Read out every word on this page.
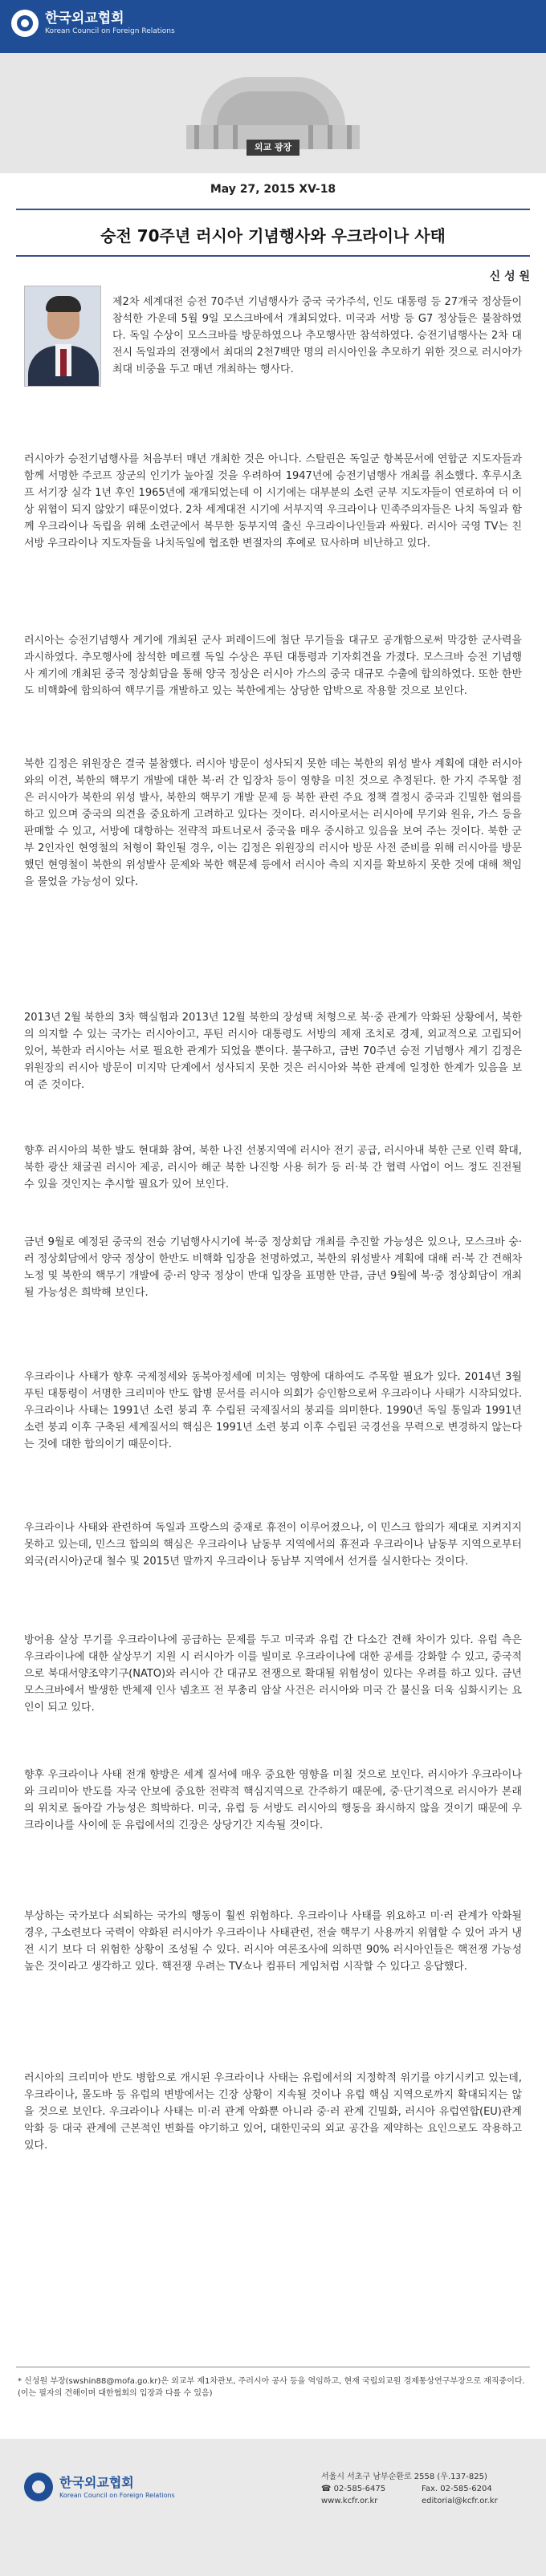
한국외교협회
Korean Council on Foreign Relations
외교 광장
May 27, 2015 XV-18
숭전 70주년 러시아 기념행사와 우크라이나 사태
신 성 원
제2차 세계대전 승전 70주년 기념행사가 중국 국가주석, 인도 대통령 등 27개국 정상들이 참석한 가운데 5월 9일 모스크바에서 개최되었다. 미국과 서방 등 G7 정상들은 불참하였다. 독일 수상이 모스크바를 방문하였으나 추모행사만 참석하였다. 승전기념행사는 2차 대전시 독일과의 전쟁에서 최대의 2천7백만 명의 러시아인을 추모하기 위한 것으로 러시아가 최대 비중을 두고 매년 개최하는 행사다.
러시아가 승전기념행사를 처음부터 매년 개최한 것은 아니다. 스탈린은 독일군 항복문서에 연합군 지도자들과 함께 서명한 주코프 장군의 인기가 높아질 것을 우려하여 1947년에 승전기념행사 개최를 취소했다. 후루시초프 서기장 실각 1년 후인 1965년에 재개되었는데 이 시기에는 대부분의 소련 군부 지도자들이 연로하여 더 이상 위협이 되지 않았기 때문이었다. 2차 세계대전 시기에 서부지역 우크라이나 민족주의자들은 나치 독일과 함께 우크라이나 독립을 위해 소련군에서 복무한 동부지역 출신 우크라이나인들과 싸웠다. 러시아 국영 TV는 친서방 우크라이나 지도자들을 나치독일에 협조한 변절자의 후예로 묘사하며 비난하고 있다.
러시아는 승전기념행사 계기에 개최된 군사 퍼레이드에 첨단 무기들을 대규모 공개함으로써 막강한 군사력을 과시하였다. 추모행사에 참석한 메르켈 독일 수상은 푸틴 대통령과 기자회견을 가졌다. 모스크바 승전 기념행사 계기에 개최된 중국 정상회담을 통해 양국 정상은 러시아 가스의 중국 대규모 수출에 합의하였다. 또한 한반도 비핵화에 합의하여 핵무기를 개발하고 있는 북한에게는 상당한 압박으로 작용할 것으로 보인다.
북한 김정은 위원장은 결국 불참했다. 러시아 방문이 성사되지 못한 데는 북한의 위성 발사 계획에 대한 러시아와의 이견, 북한의 핵무기 개발에 대한 북·러 간 입장차 등이 영향을 미친 것으로 추정된다. 한 가지 주목할 점은 러시아가 북한의 위성 발사, 북한의 핵무기 개발 문제 등 북한 관련 주요 정책 결정시 중국과 긴밀한 협의를 하고 있으며 중국의 의견을 중요하게 고려하고 있다는 것이다. 러시아로서는 러시아에 무기와 원유, 가스 등을 판매할 수 있고, 서방에 대항하는 전략적 파트너로서 중국을 매우 중시하고 있음을 보여 주는 것이다. 북한 군부 2인자인 현영철의 처형이 확인될 경우, 이는 김정은 위원장의 러시아 방문 사전 준비를 위해 러시아를 방문했던 현영철이 북한의 위성발사 문제와 북한 핵문제 등에서 러시아 측의 지지를 확보하지 못한 것에 대해 책임을 물었을 가능성이 있다.
2013년 2월 북한의 3차 핵실험과 2013년 12월 북한의 장성택 처형으로 북·중 관계가 악화된 상황에서, 북한의 의지할 수 있는 국가는 러시아이고, 푸틴 러시아 대통령도 서방의 제재 조치로 경제, 외교적으로 고립되어 있어, 북한과 러시아는 서로 필요한 관계가 되었을 뿐이다. 불구하고, 금번 70주년 승전 기념행사 계기 김정은 위원장의 러시아 방문이 미지막 단계에서 성사되지 못한 것은 러시아와 북한 관계에 일정한 한계가 있음을 보여 준 것이다.
향후 러시아의 북한 발도 현대화 참여, 북한 나진 선봉지역에 러시아 전기 공급, 러시아내 북한 근로 인력 확대, 북한 광산 채굴권 러시아 제공, 러시아 해군 북한 나진항 사용 허가 등 러·북 간 협력 사업이 어느 정도 진전될 수 있을 것인지는 추시할 필요가 있어 보인다.
금년 9월로 예정된 중국의 전승 기념행사시기에 북·중 정상회담 개최를 추진할 가능성은 있으나, 모스크바 숭·러 정상회담에서 양국 정상이 한반도 비핵화 입장을 천명하였고, 북한의 위성발사 계획에 대해 러·북 간 견해차 노정 및 북한의 핵무기 개발에 중·러 양국 정상이 반대 입장을 표명한 만큼, 금년 9월에 북·중 정상회담이 개최될 가능성은 희박해 보인다.
우크라이나 사태가 향후 국제정세와 동북아정세에 미치는 영향에 대하여도 주목할 필요가 있다. 2014년 3월 푸틴 대통령이 서명한 크리미아 반도 합병 문서를 러시아 의회가 승인함으로써 우크라이나 사태가 시작되었다. 우크라이나 사태는 1991년 소련 붕괴 후 수립된 국제질서의 붕괴를 의미한다. 1990년 독일 통일과 1991년 소련 붕괴 이후 구축된 세계질서의 핵심은 1991년 소련 붕괴 이후 수립된 국경선을 무력으로 변경하지 않는다는 것에 대한 합의이기 때문이다.
우크라이나 사태와 관련하여 독일과 프랑스의 중재로 휴전이 이루어졌으나, 이 민스크 합의가 제대로 지켜지지 못하고 있는데, 민스크 합의의 핵심은 우크라이나 남동부 지역에서의 휴전과 우크라이나 남동부 지역으로부터 외국(러시아)군대 철수 및 2015년 말까지 우크라이나 동남부 지역에서 선거를 실시한다는 것이다.
방어용 살상 무기를 우크라이나에 공급하는 문제를 두고 미국과 유럽 간 다소간 견해 차이가 있다. 유럽 측은 우크라이나에 대한 살상무기 지원 시 러시아가 이를 빌미로 우크라이나에 대한 공세를 강화할 수 있고, 중국적으로 북대서양조약기구(NATO)와 러시아 간 대규모 전쟁으로 확대될 위험성이 있다는 우려를 하고 있다. 금년 모스크바에서 발생한 반체제 인사 넴초프 전 부총리 암살 사건은 러시아와 미국 간 불신을 더욱 심화시키는 요인이 되고 있다.
향후 우크라이나 사태 전개 향방은 세계 질서에 매우 중요한 영향을 미칠 것으로 보인다. 러시아가 우크라이나와 크리미아 반도를 자국 안보에 중요한 전략적 핵심지역으로 간주하기 때문에, 중·단기적으로 러시아가 본래의 위치로 돌아갈 가능성은 희박하다. 미국, 유럽 등 서방도 러시아의 행동을 좌시하지 않을 것이기 때문에 우크라이나를 사이에 둔 유럽에서의 긴장은 상당기간 지속될 것이다.
부상하는 국가보다 쇠퇴하는 국가의 행동이 훨씬 위험하다. 우크라이나 사태를 위요하고 미·러 관계가 악화될 경우, 구소련보다 국력이 약화된 러시아가 우크라이나 사태관련, 전술 핵무기 사용까지 위협할 수 있어 과거 냉전 시기 보다 더 위험한 상황이 조성될 수 있다. 러시아 여론조사에 의하면 90% 러시아인들은 핵전쟁 가능성 높은 것이라고 생각하고 있다. 핵전쟁 우려는 TV쇼나 컴퓨터 게임처럼 시작할 수 있다고 응답했다.
러시아의 크리미아 반도 병합으로 개시된 우크라이나 사태는 유럽에서의 지정학적 위기를 야기시키고 있는데, 우크라이나, 몰도바 등 유럽의 변방에서는 긴장 상황이 지속될 것이나 유럽 핵심 지역으로까지 확대되지는 않을 것으로 보인다. 우크라이나 사태는 미·러 관계 악화뿐 아니라 중·러 관계 긴밀화, 러시아 유럽연합(EU)관계 악화 등 대국 관계에 근본적인 변화를 야기하고 있어, 대한민국의 외교 공간을 제약하는 요인으로도 작용하고 있다.
* 신성원 부장(swshin88@mofa.go.kr)은 외교부 제1차관보, 주러시아 공사 등을 역임하고, 현재 국립외교원 경제통상연구부장으로 재직중이다. (이는 필자의 견해이며 대한협회의 입장과 다를 수 있음)
한국외교협회
Korean Council on Foreign Relations
서울시 서초구 남부순환로 2558 (우.137-825)
☎ 02-585-6475	Fax. 02-585-6204
www.kcfr.or.kr	editorial@kcfr.or.kr
